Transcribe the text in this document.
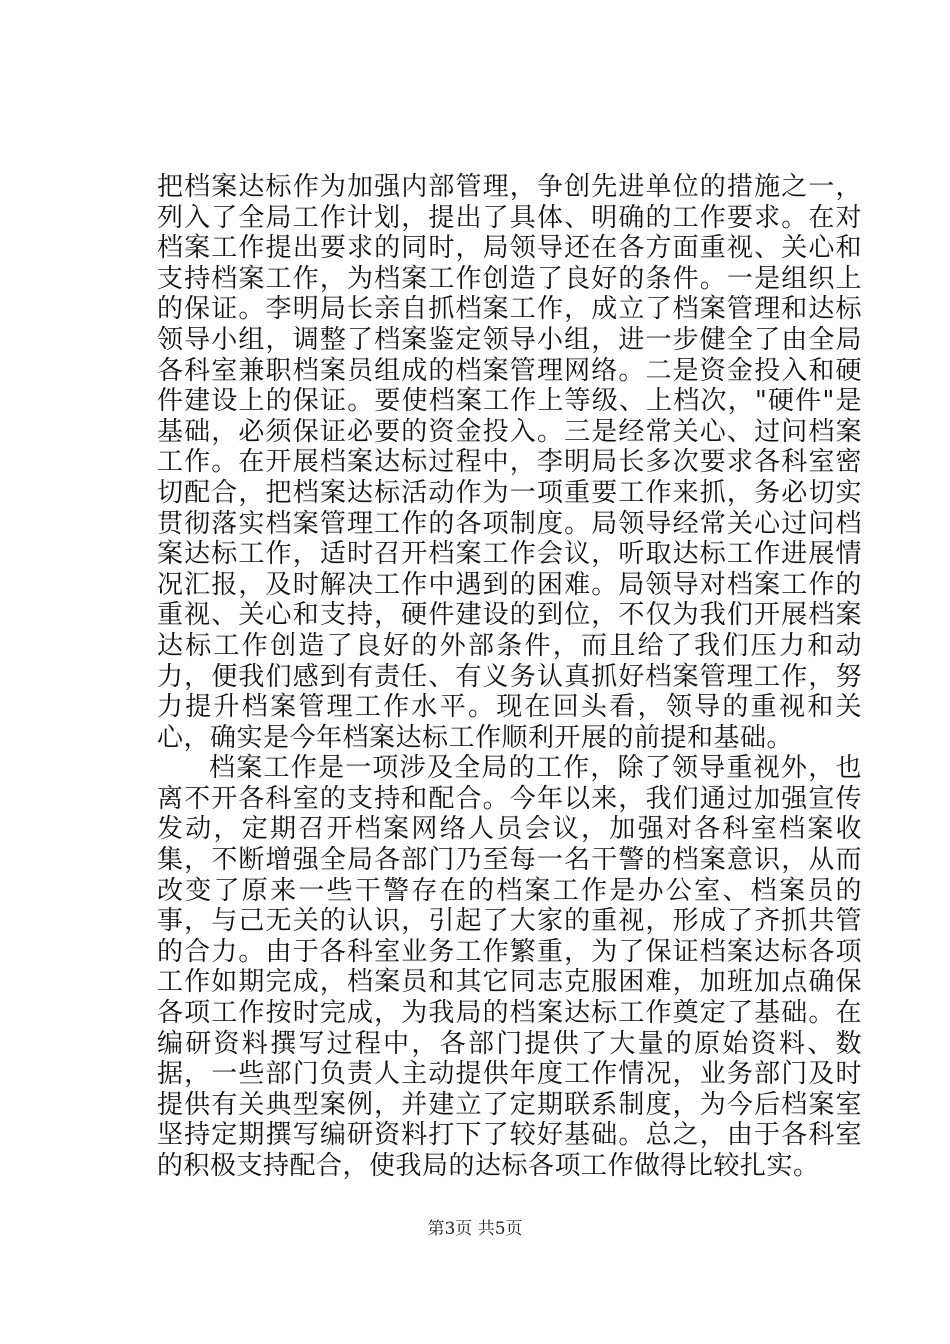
把档案达标作为加强内部管理，争创先进单位的措施之一，列入了全局工作计划，提出了具体、明确的工作要求。在对档案工作提出要求的同时，局领导还在各方面重视、关心和支持档案工作，为档案工作创造了良好的条件。一是组织上的保证。李明局长亲自抓档案工作，成立了档案管理和达标领导小组，调整了档案鉴定领导小组，进一步健全了由全局各科室兼职档案员组成的档案管理网络。二是资金投入和硬件建设上的保证。要使档案工作上等级、上档次，"硬件"是基础，必须保证必要的资金投入。三是经常关心、过问档案工作。在开展档案达标过程中，李明局长多次要求各科室密切配合，把档案达标活动作为一项重要工作来抓，务必切实贯彻落实档案管理工作的各项制度。局领导经常关心过问档案达标工作，适时召开档案工作会议，听取达标工作进展情况汇报，及时解决工作中遇到的困难。局领导对档案工作的重视、关心和支持，硬件建设的到位，不仅为我们开展档案达标工作创造了良好的外部条件，而且给了我们压力和动力，便我们感到有责任、有义务认真抓好档案管理工作，努力提升档案管理工作水平。现在回头看，领导的重视和关心，确实是今年档案达标工作顺利开展的前提和基础。

档案工作是一项涉及全局的工作，除了领导重视外，也离不开各科室的支持和配合。今年以来，我们通过加强宣传发动，定期召开档案网络人员会议，加强对各科室档案收集，不断增强全局各部门乃至每一名干警的档案意识，从而改变了原来一些干警存在的档案工作是办公室、档案员的事，与己无关的认识，引起了大家的重视，形成了齐抓共管的合力。由于各科室业务工作繁重，为了保证档案达标各项工作如期完成，档案员和其它同志克服困难，加班加点确保各项工作按时完成，为我局的档案达标工作奠定了基础。在编研资料撰写过程中，各部门提供了大量的原始资料、数据，一些部门负责人主动提供年度工作情况，业务部门及时提供有关典型案例，并建立了定期联系制度，为今后档案室坚持定期撰写编研资料打下了较好基础。总之，由于各科室的积极支持配合，使我局的达标各项工作做得比较扎实。

第3页 共5页
